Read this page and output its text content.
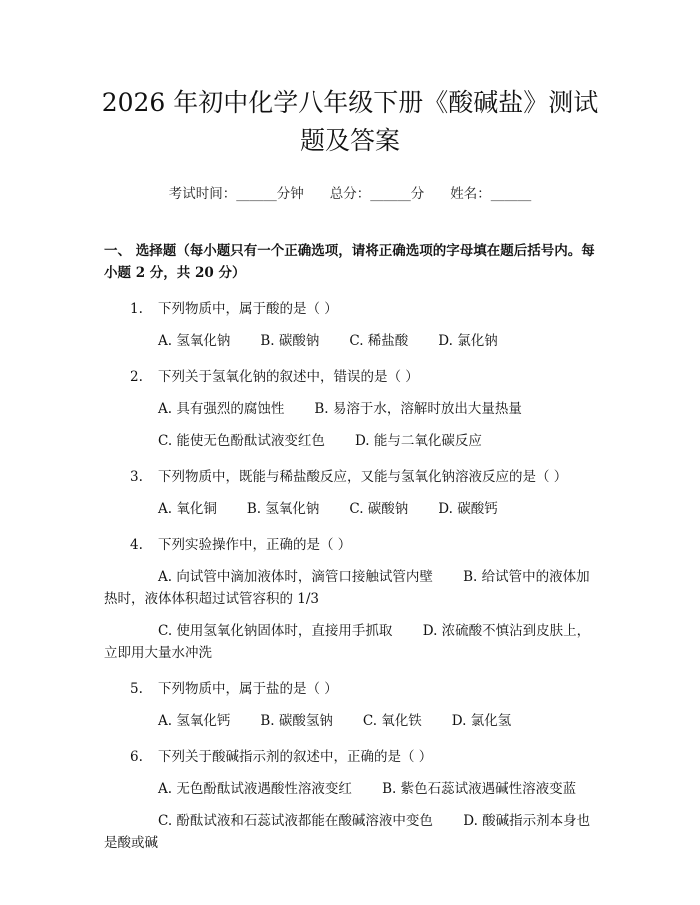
2026 年初中化学八年级下册《酸碱盐》测试题及答案
考试时间：______分钟 总分：______分 姓名：______
一、 选择题（每小题只有一个正确选项，请将正确选项的字母填在题后括号内。每小题 2 分，共 20 分）
1. 下列物质中，属于酸的是（ ）
A. 氢氧化钠 B. 碳酸钠 C. 稀盐酸 D. 氯化钠
2. 下列关于氢氧化钠的叙述中，错误的是（ ）
A. 具有强烈的腐蚀性 B. 易溶于水，溶解时放出大量热量
C. 能使无色酚酞试液变红色 D. 能与二氧化碳反应
3. 下列物质中，既能与稀盐酸反应，又能与氢氧化钠溶液反应的是（ ）
A. 氧化铜 B. 氢氧化钠 C. 碳酸钠 D. 碳酸钙
4. 下列实验操作中，正确的是（ ）
A. 向试管中滴加液体时，滴管口接触试管内壁 B. 给试管中的液体加热时，液体体积超过试管容积的 1/3
C. 使用氢氧化钠固体时，直接用手抓取 D. 浓硫酸不慎沾到皮肤上，立即用大量水冲洗
5. 下列物质中，属于盐的是（ ）
A. 氢氧化钙 B. 碳酸氢钠 C. 氧化铁 D. 氯化氢
6. 下列关于酸碱指示剂的叙述中，正确的是（ ）
A. 无色酚酞试液遇酸性溶液变红 B. 紫色石蕊试液遇碱性溶液变蓝
C. 酚酞试液和石蕊试液都能在酸碱溶液中变色 D. 酸碱指示剂本身也是酸或碱
